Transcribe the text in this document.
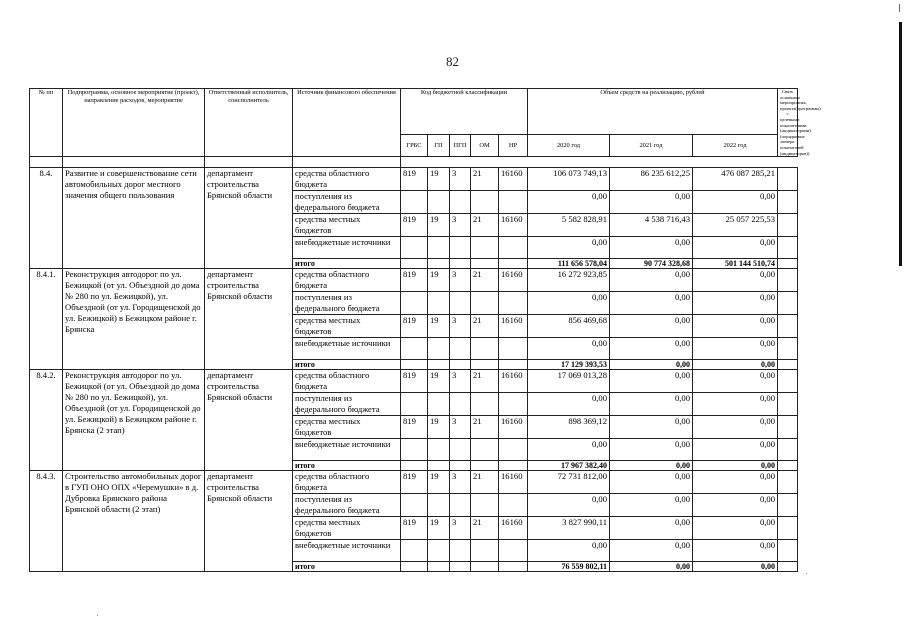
82
№ пп	Подпрограмма, основное мероприятие (проект), направление расходов, мероприятие	Ответственный исполнитель, соисполнитель	Источник финансового обеспечения	Код бюджетной классификации					Объем средств на реализацию, рублей			Связь основного мероприятия, проекта(программы) с целевыми показателями (индикаторами) (порядковые номера показателей (индикаторов))
				ГРБС	ГП	ПГП	ОМ	НР	2020 год	2021 год	2022 год	

8.4.	Развитие и совершенствование сети автомобильных дорог местного значения общего пользования	департамент строительства Брянской области	средства областного бюджета	819	19	3	21	16160	106 073 749,13	86 235 612,25	476 087 285,21	
			поступления из федерального бюджета						0,00	0,00	0,00	
			средства местных бюджетов	819	19	3	21	16160	5 582 828,91	4 538 716,43	25 057 225,53	
			внебюджетные источники						0,00	0,00	0,00	
			итого						111 656 578,04	90 774 328,68	501 144 510,74	
8.4.1.	Реконструкция автодорог по ул. Бежицкой (от ул. Объездной до дома № 280 по ул. Бежицкой), ул. Объездной (от ул. Городищенской до ул. Бежицкой) в Бежицком районе г. Брянска	департамент строительства Брянской области	средства областного бюджета	819	19	3	21	16160	16 272 923,85	0,00	0,00	
			поступления из федерального бюджета						0,00	0,00	0,00	
			средства местных бюджетов	819	19	3	21	16160	856 469,68	0,00	0,00	
			внебюджетные источники						0,00	0,00	0,00	
			итого						17 129 393,53	0,00	0,00	
8.4.2.	Реконструкция автодорог по ул. Бежицкой (от ул. Объездной до дома № 280 по ул. Бежицкой), ул. Объездной (от ул. Городищенской до ул. Бежицкой) в Бежицком районе г. Брянска (2 этап)	департамент строительства Брянской области	средства областного бюджета	819	19	3	21	16160	17 069 013,28	0,00	0,00	
			поступления из федерального бюджета						0,00	0,00	0,00	
			средства местных бюджетов	819	19	3	21	16160	898 369,12	0,00	0,00	
			внебюджетные источники						0,00	0,00	0,00	
			итого						17 967 382,40	0,00	0,00	
8.4.3.	Строительство автомобильных дорог в ГУП ОНО ОПХ «Черемушки» в д. Дубровка Брянского района Брянской области (2 этап)	департамент строительства Брянской области	средства областного бюджета	819	19	3	21	16160	72 731 812,00	0,00	0,00	
			поступления из федерального бюджета						0,00	0,00	0,00	
			средства местных бюджетов	819	19	3	21	16160	3 827 990,11	0,00	0,00	
			внебюджетные источники						0,00	0,00	0,00	
			итого						76 559 802,11	0,00	0,00	
